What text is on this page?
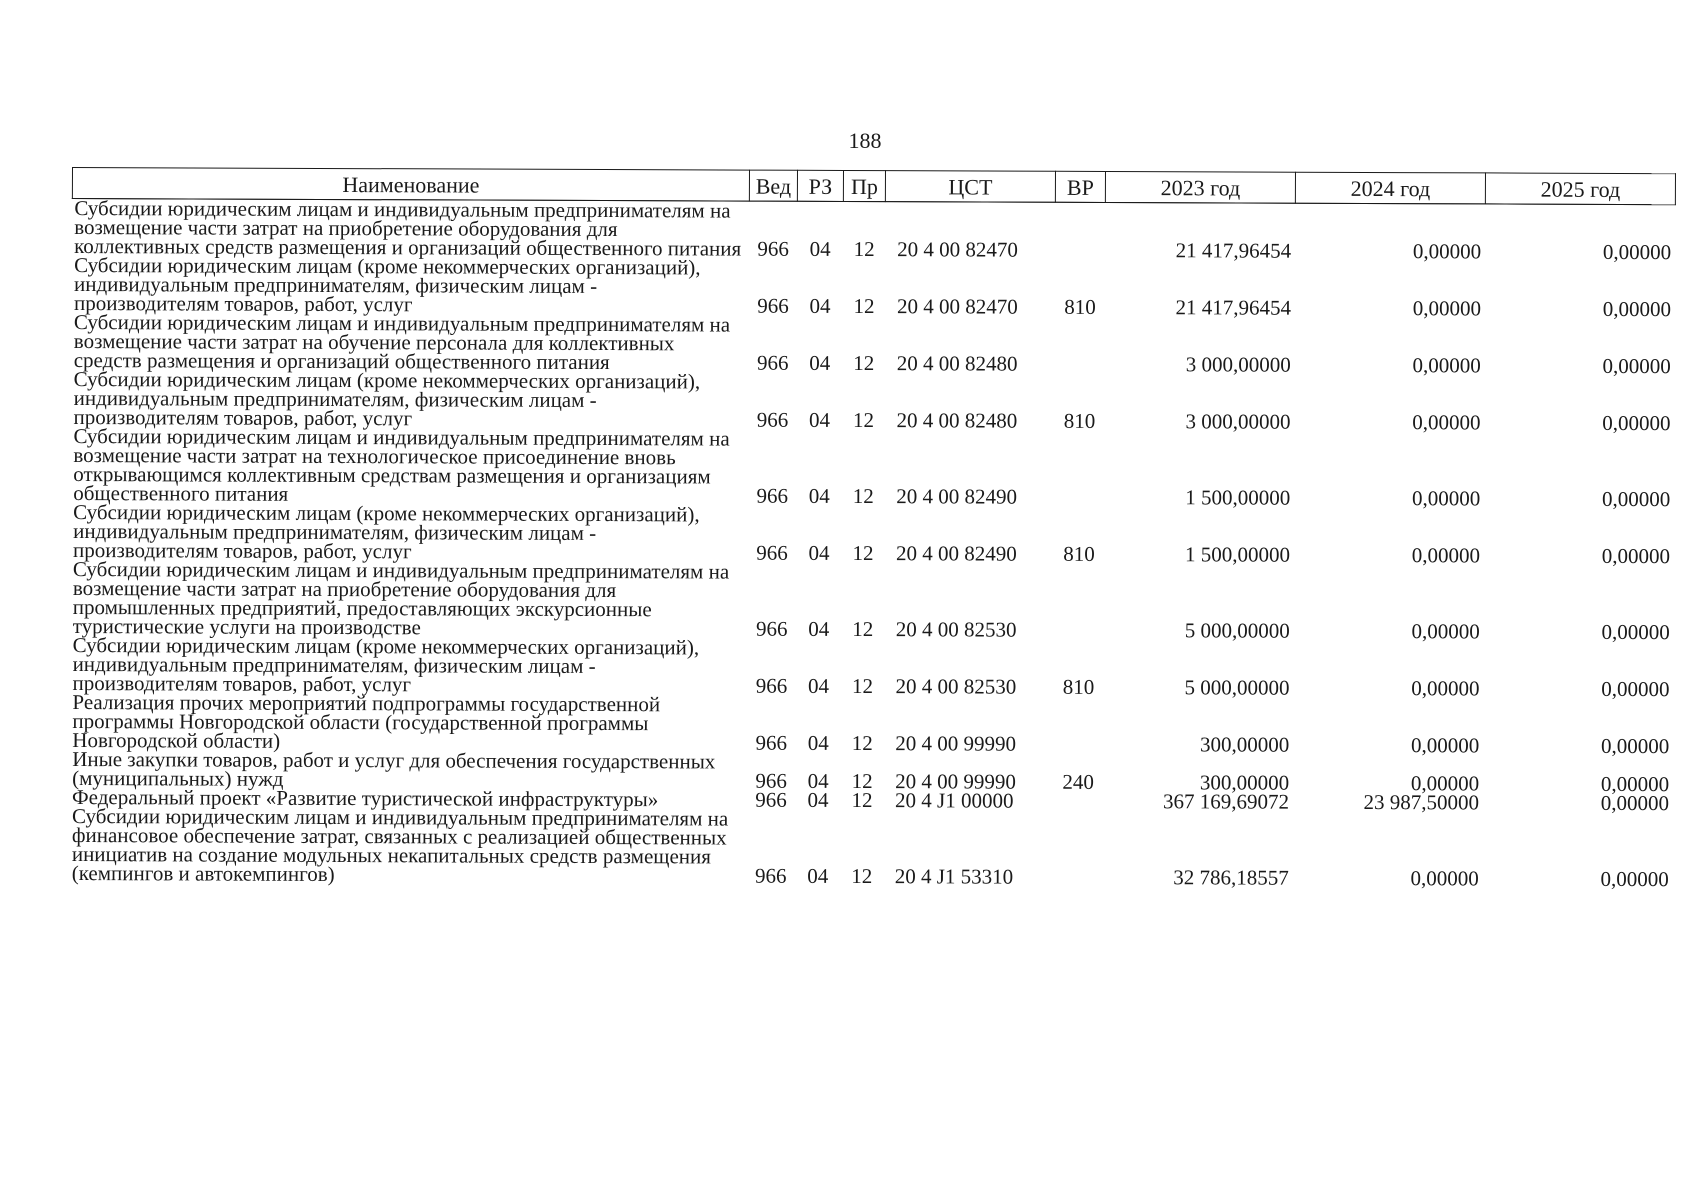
188
Наименование	Вед	РЗ	Пр	ЦСТ	ВР	2023 год	2024 год	2025 год
Субсидии юридическим лицам и индивидуальным предпринимателям на возмещение части затрат на приобретение оборудования для коллективных средств размещения и организаций общественного питания	966	04	12	20 4 00 82470		21 417,96454	0,00000	0,00000
Субсидии юридическим лицам (кроме некоммерческих организаций), индивидуальным предпринимателям, физическим лицам - производителям товаров, работ, услуг	966	04	12	20 4 00 82470	810	21 417,96454	0,00000	0,00000
Субсидии юридическим лицам и индивидуальным предпринимателям на возмещение части затрат на обучение персонала для коллективных средств размещения и организаций общественного питания	966	04	12	20 4 00 82480		3 000,00000	0,00000	0,00000
Субсидии юридическим лицам (кроме некоммерческих организаций), индивидуальным предпринимателям, физическим лицам - производителям товаров, работ, услуг	966	04	12	20 4 00 82480	810	3 000,00000	0,00000	0,00000
Субсидии юридическим лицам и индивидуальным предпринимателям на возмещение части затрат на технологическое присоединение вновь открывающимся коллективным средствам размещения и организациям общественного питания	966	04	12	20 4 00 82490		1 500,00000	0,00000	0,00000
Субсидии юридическим лицам (кроме некоммерческих организаций), индивидуальным предпринимателям, физическим лицам - производителям товаров, работ, услуг	966	04	12	20 4 00 82490	810	1 500,00000	0,00000	0,00000
Субсидии юридическим лицам и индивидуальным предпринимателям на возмещение части затрат на приобретение оборудования для промышленных предприятий, предоставляющих экскурсионные туристические услуги на производстве	966	04	12	20 4 00 82530		5 000,00000	0,00000	0,00000
Субсидии юридическим лицам (кроме некоммерческих организаций), индивидуальным предпринимателям, физическим лицам - производителям товаров, работ, услуг	966	04	12	20 4 00 82530	810	5 000,00000	0,00000	0,00000
Реализация прочих мероприятий подпрограммы государственной программы Новгородской области (государственной программы Новгородской области)	966	04	12	20 4 00 99990		300,00000	0,00000	0,00000
Иные закупки товаров, работ и услуг для обеспечения государственных (муниципальных) нужд	966	04	12	20 4 00 99990	240	300,00000	0,00000	0,00000
Федеральный проект «Развитие туристической инфраструктуры»	966	04	12	20 4 J1 00000		367 169,69072	23 987,50000	0,00000
Субсидии юридическим лицам и индивидуальным предпринимателям на финансовое обеспечение затрат, связанных с реализацией общественных инициатив на создание модульных некапитальных средств размещения (кемпингов и автокемпингов)	966	04	12	20 4 J1 53310		32 786,18557	0,00000	0,00000
